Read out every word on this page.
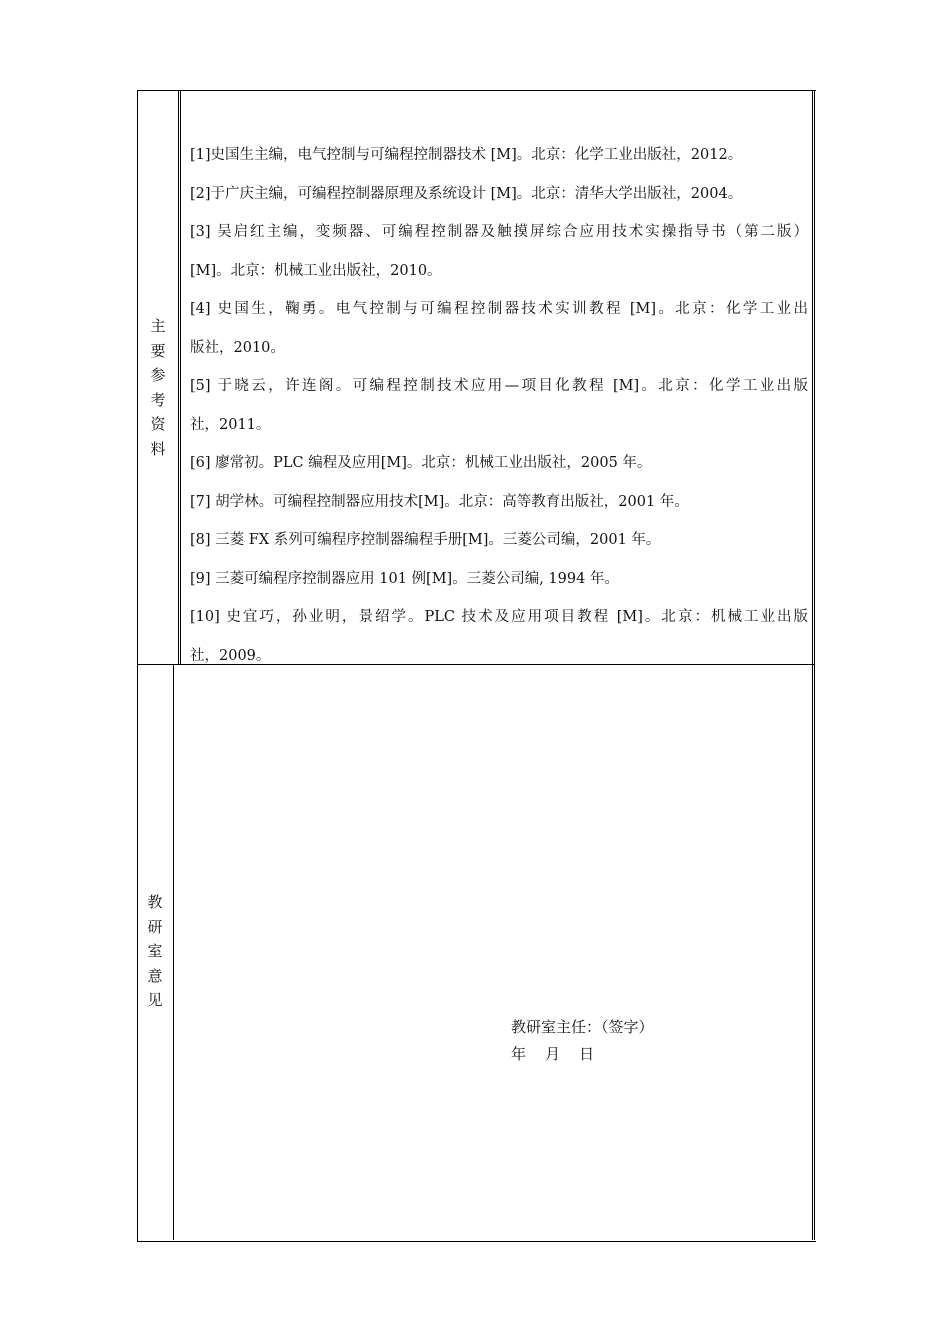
主
要
参
考
资
料
[1]史国生主编，电气控制与可编程控制器技术 [M]。北京：化学工业出版社，2012。
[2]于广庆主编，可编程控制器原理及系统设计 [M]。北京：清华大学出版社，2004。
[3] 吴启红主编，变频器、可编程控制器及触摸屏综合应用技术实操指导书（第二版）
[M]。北京：机械工业出版社，2010。
[4] 史国生，鞠勇。电气控制与可编程控制器技术实训教程 [M]。北京：化学工业出
版社，2010。
[5] 于晓云，许连阁。可编程控制技术应用—项目化教程 [M]。北京：化学工业出版
社，2011。
[6] 廖常初。PLC 编程及应用[M]。北京：机械工业出版社，2005 年。
[7] 胡学林。可编程控制器应用技术[M]。北京：高等教育出版社，2001 年。
[8] 三菱 FX 系列可编程序控制器编程手册[M]。三菱公司编，2001 年。
[9] 三菱可编程序控制器应用 101 例[M]。三菱公司编, 1994 年。
[10] 史宜巧，孙业明，景绍学。PLC 技术及应用项目教程 [M]。北京：机械工业出版
社，2009。
教
研
室
意
见
教研室主任：（签字）
年    月    日
